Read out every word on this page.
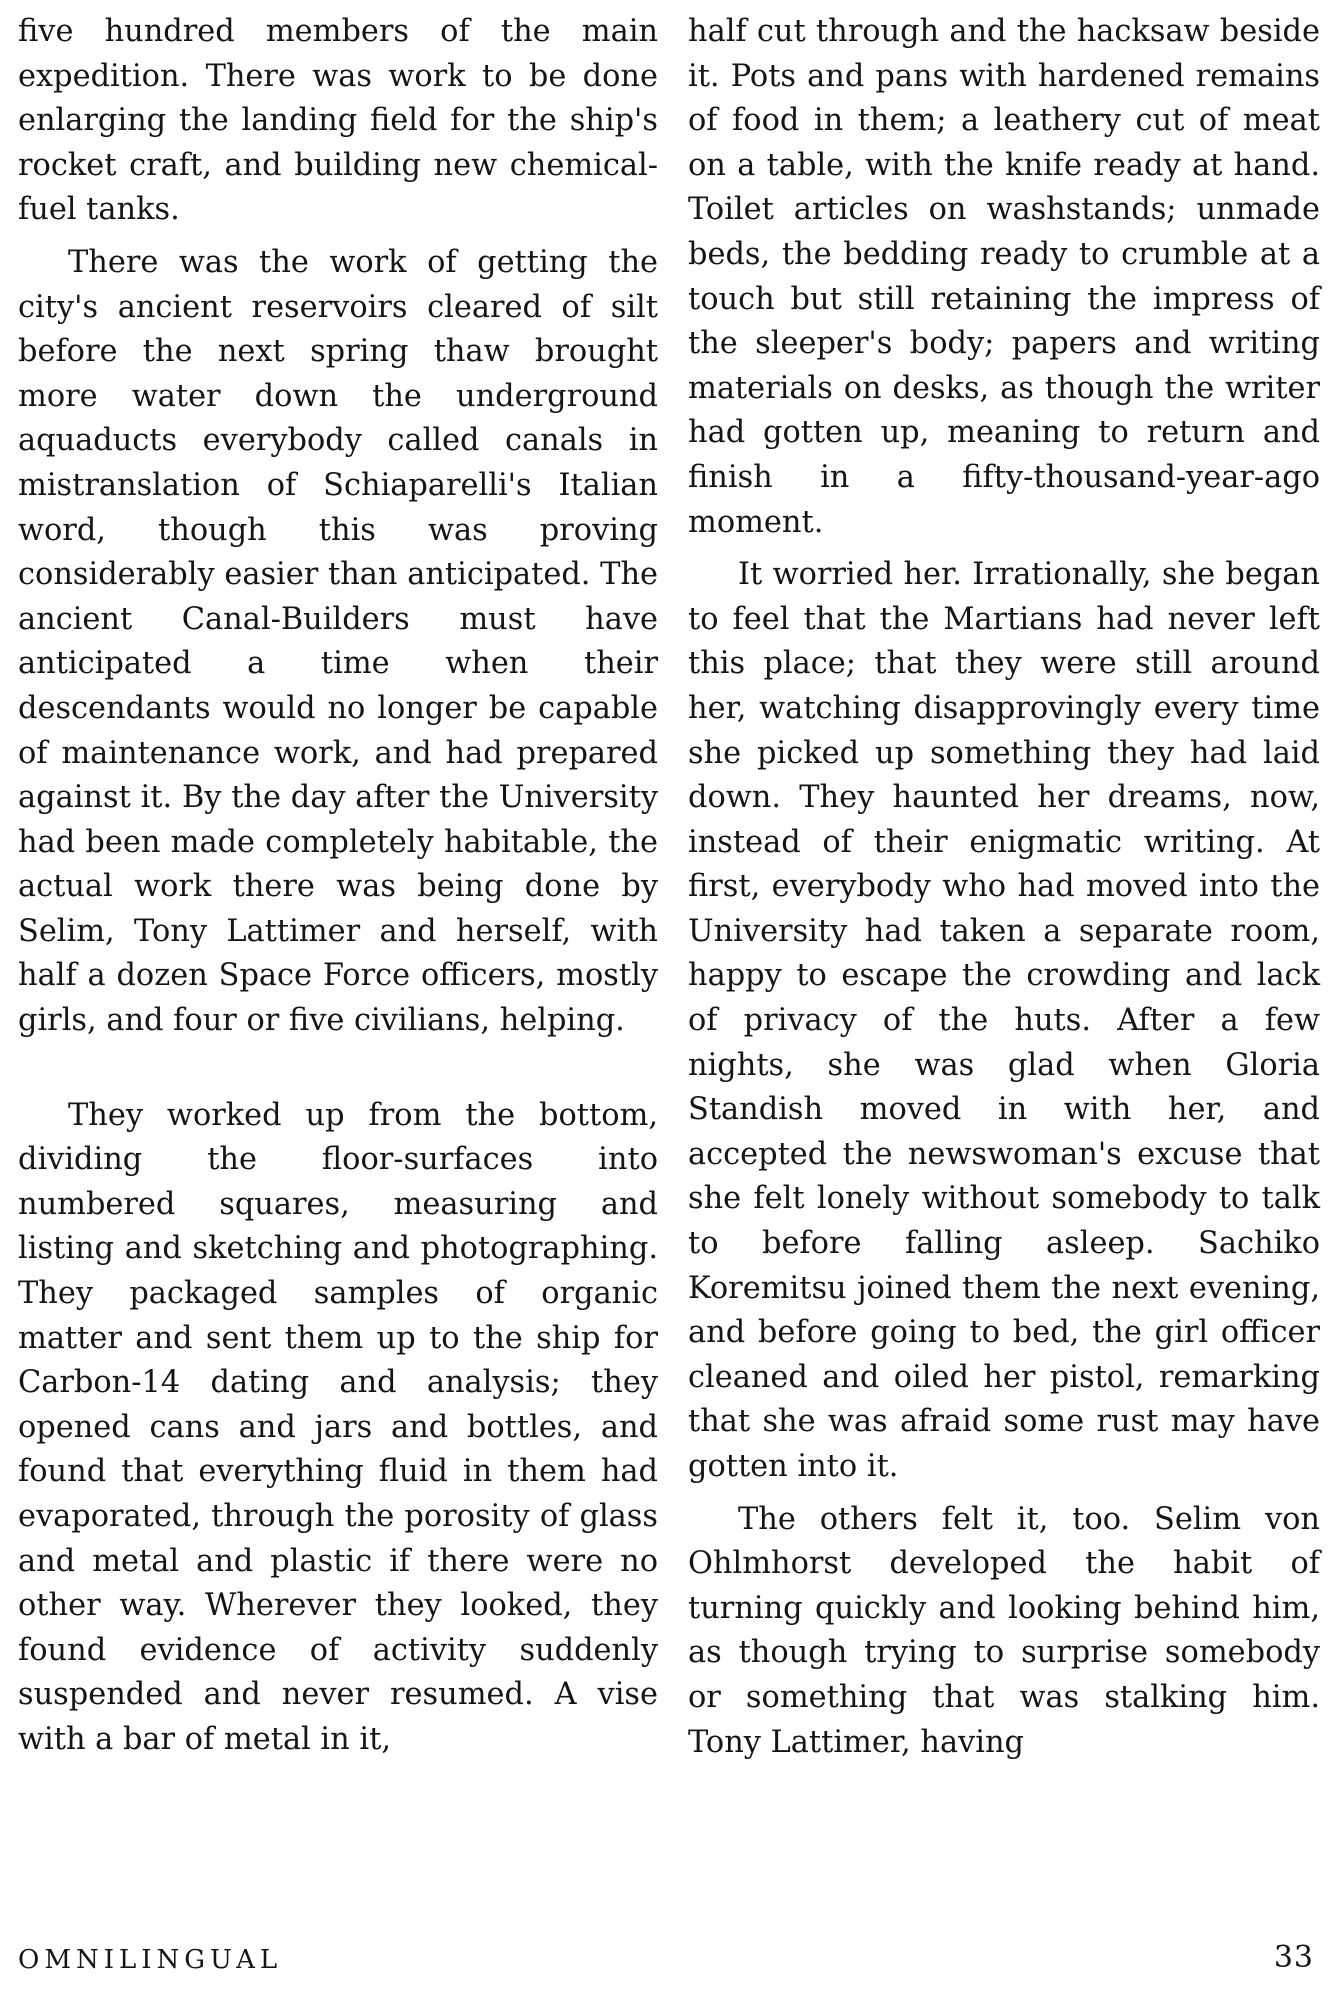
five hundred members of the main expedition. There was work to be done enlarging the landing field for the ship's rocket craft, and building new chemical-fuel tanks.

There was the work of getting the city's ancient reservoirs cleared of silt before the next spring thaw brought more water down the underground aquaducts everybody called canals in mistranslation of Schiaparelli's Italian word, though this was proving considerably easier than anticipated. The ancient Canal-Builders must have anticipated a time when their descendants would no longer be capable of maintenance work, and had prepared against it. By the day after the University had been made completely habitable, the actual work there was being done by Selim, Tony Lattimer and herself, with half a dozen Space Force officers, mostly girls, and four or five civilians, helping.

They worked up from the bottom, dividing the floor-surfaces into numbered squares, measuring and listing and sketching and photographing. They packaged samples of organic matter and sent them up to the ship for Carbon-14 dating and analysis; they opened cans and jars and bottles, and found that everything fluid in them had evaporated, through the porosity of glass and metal and plastic if there were no other way. Wherever they looked, they found evidence of activity suddenly suspended and never resumed. A vise with a bar of metal in it,

half cut through and the hacksaw beside it. Pots and pans with hardened remains of food in them; a leathery cut of meat on a table, with the knife ready at hand. Toilet articles on washstands; unmade beds, the bedding ready to crumble at a touch but still retaining the impress of the sleeper's body; papers and writing materials on desks, as though the writer had gotten up, meaning to return and finish in a fifty-thousand-year-ago moment.

It worried her. Irrationally, she began to feel that the Martians had never left this place; that they were still around her, watching disapprovingly every time she picked up something they had laid down. They haunted her dreams, now, instead of their enigmatic writing. At first, everybody who had moved into the University had taken a separate room, happy to escape the crowding and lack of privacy of the huts. After a few nights, she was glad when Gloria Standish moved in with her, and accepted the newswoman's excuse that she felt lonely without somebody to talk to before falling asleep. Sachiko Koremitsu joined them the next evening, and before going to bed, the girl officer cleaned and oiled her pistol, remarking that she was afraid some rust may have gotten into it.

The others felt it, too. Selim von Ohlmhorst developed the habit of turning quickly and looking behind him, as though trying to surprise somebody or something that was stalking him. Tony Lattimer, having

OMNILINGUAL	33
